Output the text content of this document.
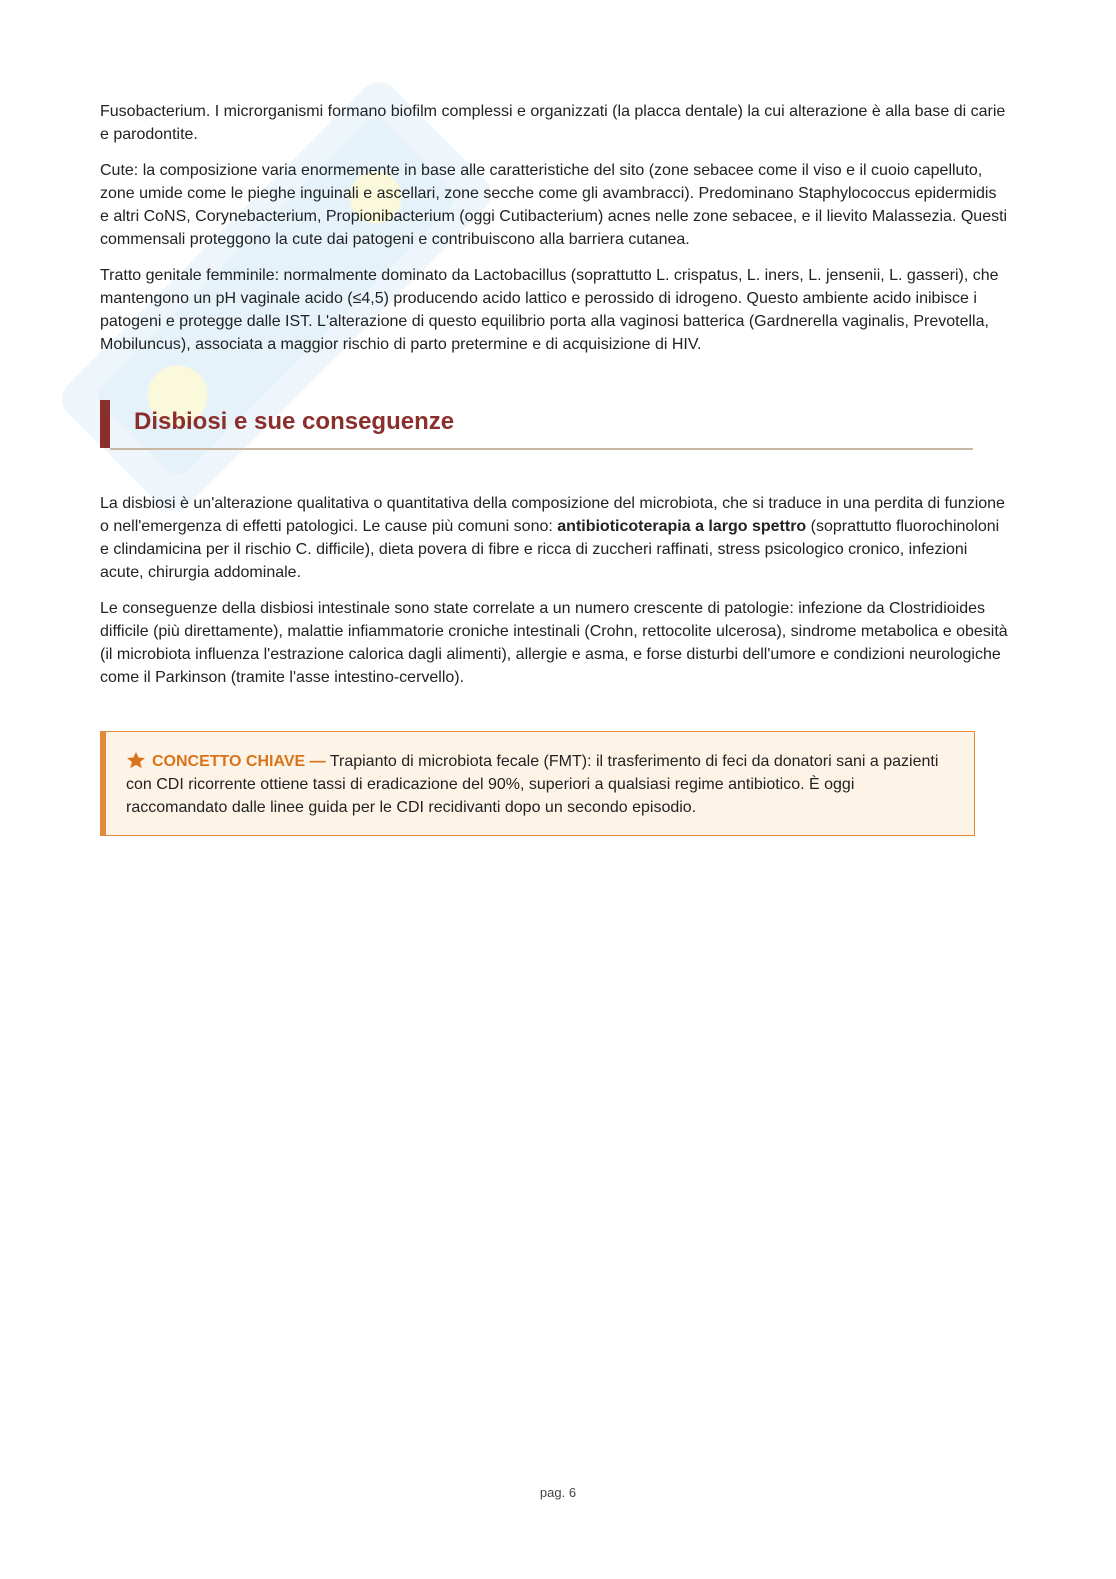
Fusobacterium. I microrganismi formano biofilm complessi e organizzati (la placca dentale) la cui alterazione è alla base di carie e parodontite.

Cute: la composizione varia enormemente in base alle caratteristiche del sito (zone sebacee come il viso e il cuoio capelluto, zone umide come le pieghe inguinali e ascellari, zone secche come gli avambracci). Predominano Staphylococcus epidermidis e altri CoNS, Corynebacterium, Propionibacterium (oggi Cutibacterium) acnes nelle zone sebacee, e il lievito Malassezia. Questi commensali proteggono la cute dai patogeni e contribuiscono alla barriera cutanea.

Tratto genitale femminile: normalmente dominato da Lactobacillus (soprattutto L. crispatus, L. iners, L. jensenii, L. gasseri), che mantengono un pH vaginale acido (≤4,5) producendo acido lattico e perossido di idrogeno. Questo ambiente acido inibisce i patogeni e protegge dalle IST. L'alterazione di questo equilibrio porta alla vaginosi batterica (Gardnerella vaginalis, Prevotella, Mobiluncus), associata a maggior rischio di parto pretermine e di acquisizione di HIV.

Disbiosi e sue conseguenze

La disbiosi è un'alterazione qualitativa o quantitativa della composizione del microbiota, che si traduce in una perdita di funzione o nell'emergenza di effetti patologici. Le cause più comuni sono: antibioticoterapia a largo spettro (soprattutto fluorochinoloni e clindamicina per il rischio C. difficile), dieta povera di fibre e ricca di zuccheri raffinati, stress psicologico cronico, infezioni acute, chirurgia addominale.

Le conseguenze della disbiosi intestinale sono state correlate a un numero crescente di patologie: infezione da Clostridioides difficile (più direttamente), malattie infiammatorie croniche intestinali (Crohn, rettocolite ulcerosa), sindrome metabolica e obesità (il microbiota influenza l'estrazione calorica dagli alimenti), allergie e asma, e forse disturbi dell'umore e condizioni neurologiche come il Parkinson (tramite l'asse intestino-cervello).

CONCETTO CHIAVE — Trapianto di microbiota fecale (FMT): il trasferimento di feci da donatori sani a pazienti con CDI ricorrente ottiene tassi di eradicazione del 90%, superiori a qualsiasi regime antibiotico. È oggi raccomandato dalle linee guida per le CDI recidivanti dopo un secondo episodio.
pag. 6
